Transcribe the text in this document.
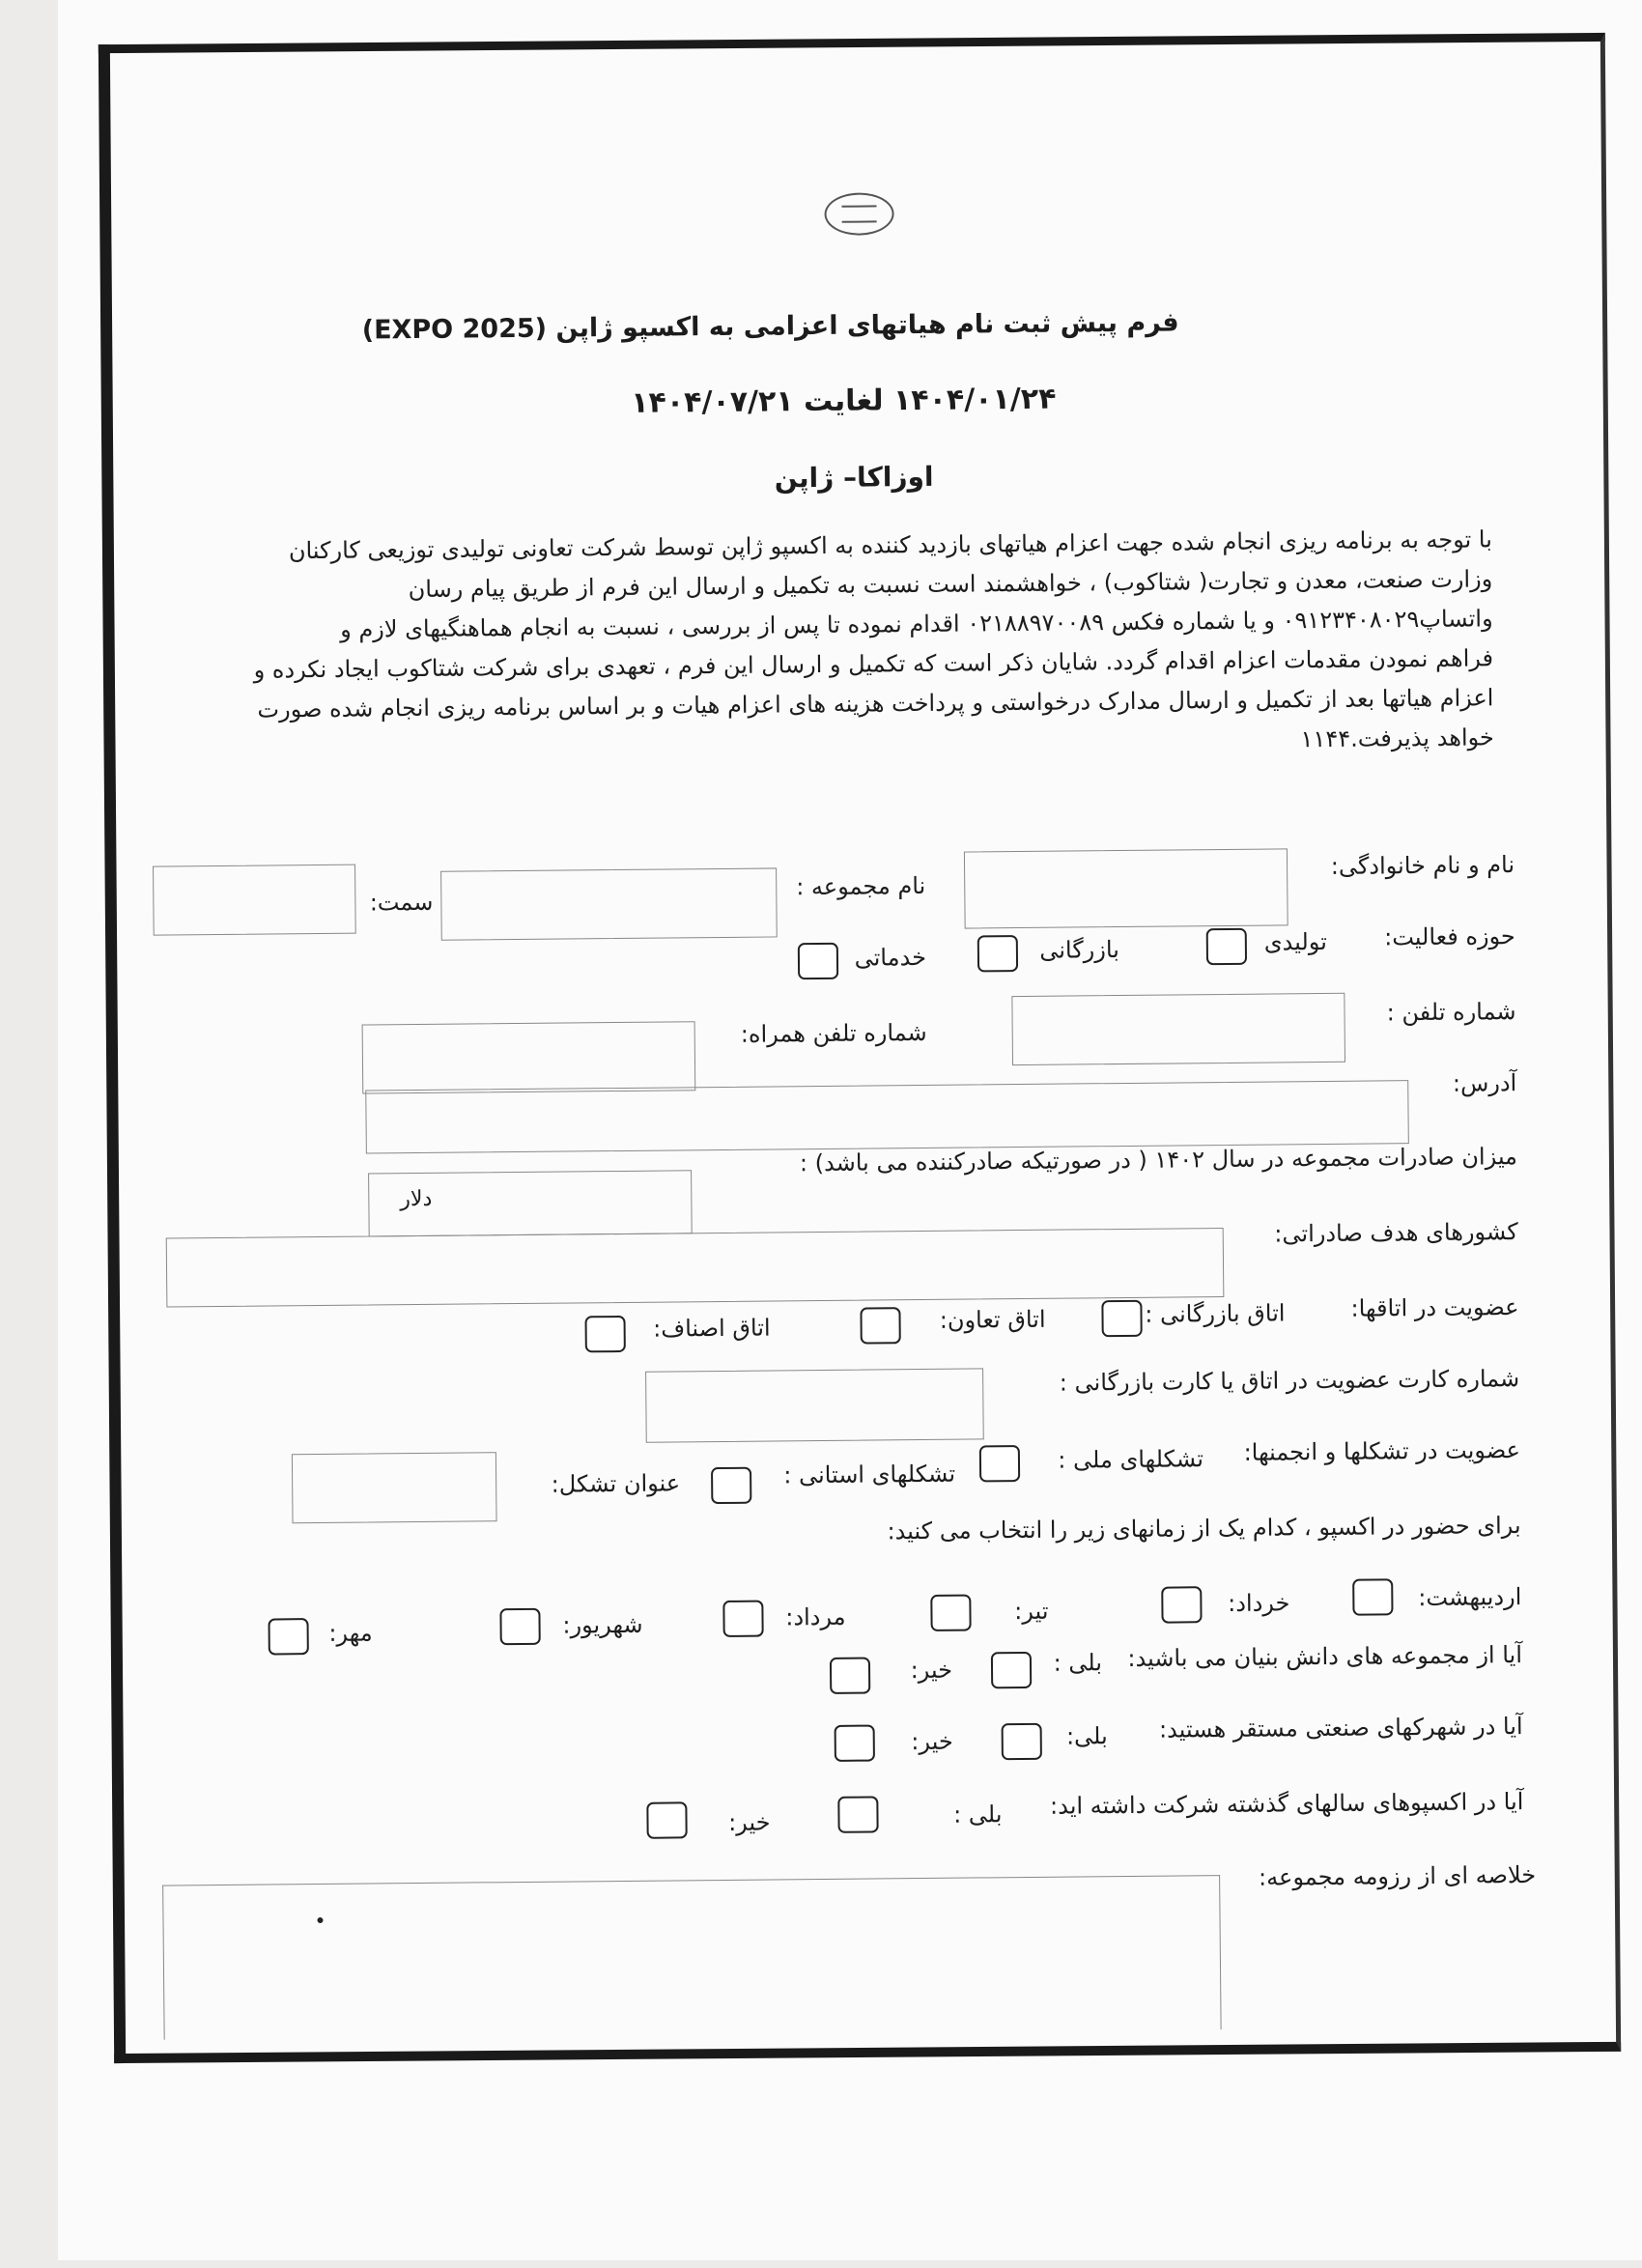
فرم پیش ثبت نام هیاتهای اعزامی به اکسپو ژاپن (EXPO 2025)
۱۴۰۴/۰۱/۲۴ لغایت ۱۴۰۴/۰۷/۲۱
اوزاکا– ژاپن

با توجه به برنامه ریزی انجام شده جهت اعزام هیاتهای بازدید کننده به اکسپو ژاپن توسط شرکت تعاونی تولیدی توزیعی کارکنان

وزارت صنعت، معدن و تجارت( شتاکوب) ، خواهشمند است نسبت به تکمیل و ارسال این فرم از طریق پیام رسان

واتساپ۰۹۱۲۳۴۰۸۰۲۹ و یا شماره فکس ۰۲۱۸۸۹۷۰۰۸۹ اقدام نموده تا پس از بررسی ، نسبت به انجام هماهنگیهای لازم و

فراهم نمودن مقدمات اعزام اقدام گردد. شایان ذکر است که تکمیل و ارسال این فرم ، تعهدی برای شرکت شتاکوب ایجاد نکرده و

اعزام هیاتها بعد از تکمیل و ارسال مدارک درخواستی و پرداخت هزینه های اعزام هیات و بر اساس برنامه ریزی انجام شده صورت

خواهد پذیرفت.۱۱۴۴

نام و نام خانوادگی:
نام مجموعه :
سمت:
حوزه فعالیت:
تولیدی
بازرگانی
خدماتی
شماره تلفن :
شماره تلفن همراه:
آدرس:
میزان صادرات مجموعه در سال ۱۴۰۲ ( در صورتیکه صادرکننده می باشد) :
دلار
کشورهای هدف صادراتی:
عضویت در اتاقها:
اتاق بازرگانی :
اتاق تعاون:
اتاق اصناف:
شماره کارت عضویت در اتاق یا کارت بازرگانی :
عضویت در تشکلها و انجمنها:
تشکلهای ملی :
تشکلهای استانی :
عنوان تشکل:
برای حضور در اکسپو ، کدام یک از زمانهای زیر را انتخاب می کنید:
اردیبهشت:
خرداد:
تیر:
مرداد:
شهریور:
مهر:
آیا از مجموعه های دانش بنیان می باشید:
بلی :
خیر:
آیا در شهرکهای صنعتی مستقر هستید:
بلی:
خیر:
آیا در اکسپوهای سالهای گذشته شرکت داشته اید:
بلی :
خیر:
خلاصه ای از رزومه مجموعه:
